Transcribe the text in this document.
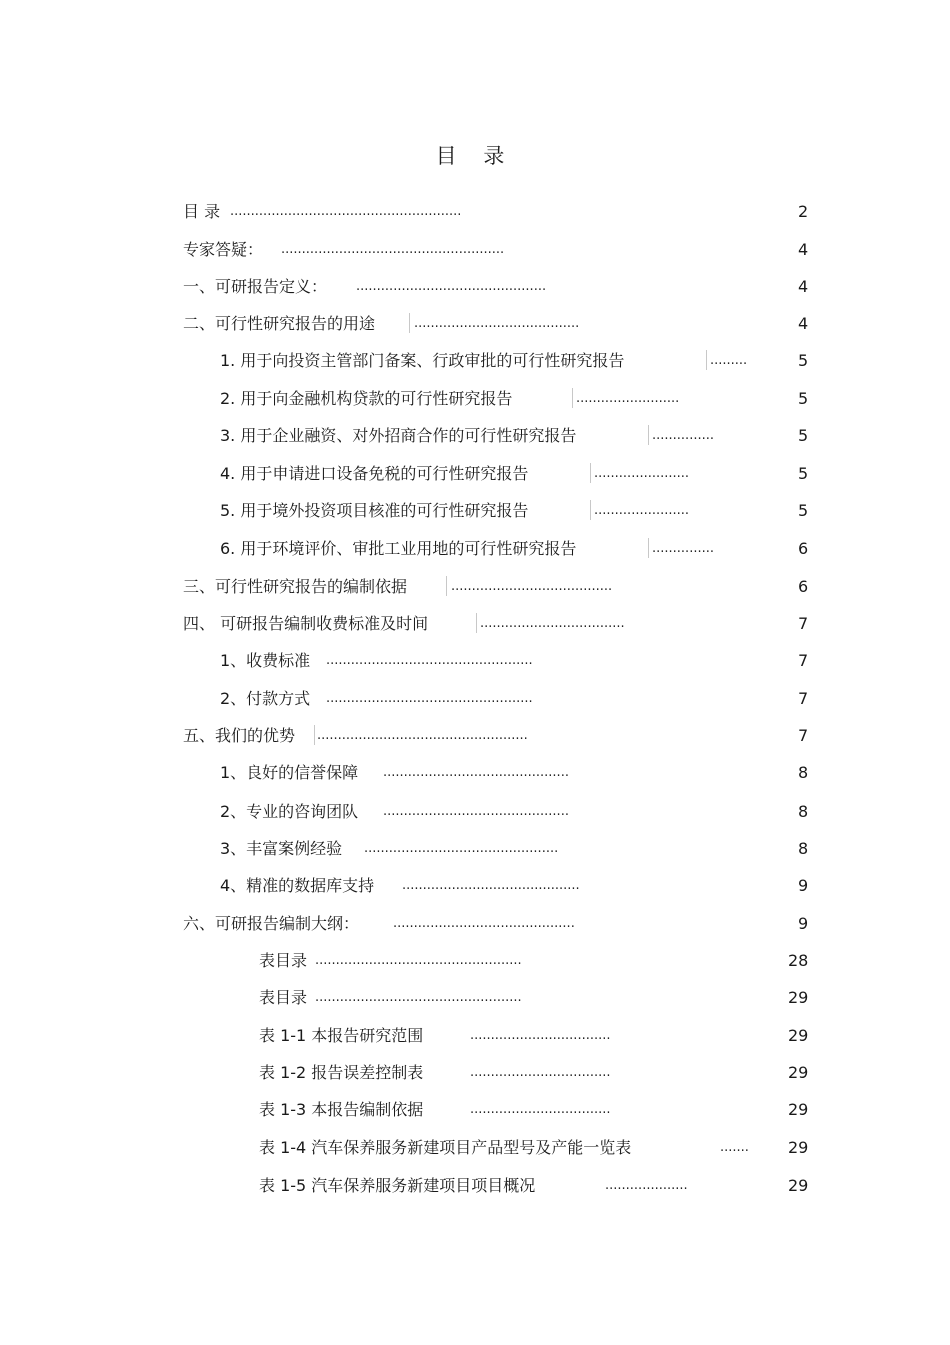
目 录
目 录 ........................................................	2
专家答疑： ......................................................	4
一、可研报告定义： ..............................................	4
二、可行性研究报告的用途	........................................	4
1. 用于向投资主管部门备案、行政审批的可行性研究报告	.........	5
2. 用于向金融机构贷款的可行性研究报告	.........................	5
3. 用于企业融资、对外招商合作的可行性研究报告	...............	5
4. 用于申请进口设备免税的可行性研究报告	.......................	5
5. 用于境外投资项目核准的可行性研究报告	.......................	5
6. 用于环境评价、审批工业用地的可行性研究报告	...............	6
三、可行性研究报告的编制依据	.......................................	6
四、 可研报告编制收费标准及时间	...................................	7
1、收费标准 ..................................................	7
2、付款方式 ..................................................	7
五、我们的优势 ...................................................	7
1、良好的信誉保障 .............................................	8
2、专业的咨询团队 .............................................	8
3、丰富案例经验 ...............................................	8
4、精准的数据库支持 ...........................................	9
六、可研报告编制大纲：	............................................	9
表目录 ..................................................	28
表目录 ..................................................	29
表 1-1 本报告研究范围	..................................	29
表 1-2 报告误差控制表	..................................	29
表 1-3 本报告编制依据	..................................	29
表 1-4 汽车保养服务新建项目产品型号及产能一览表	....... 29
表 1-5 汽车保养服务新建项目项目概况	....................	29
